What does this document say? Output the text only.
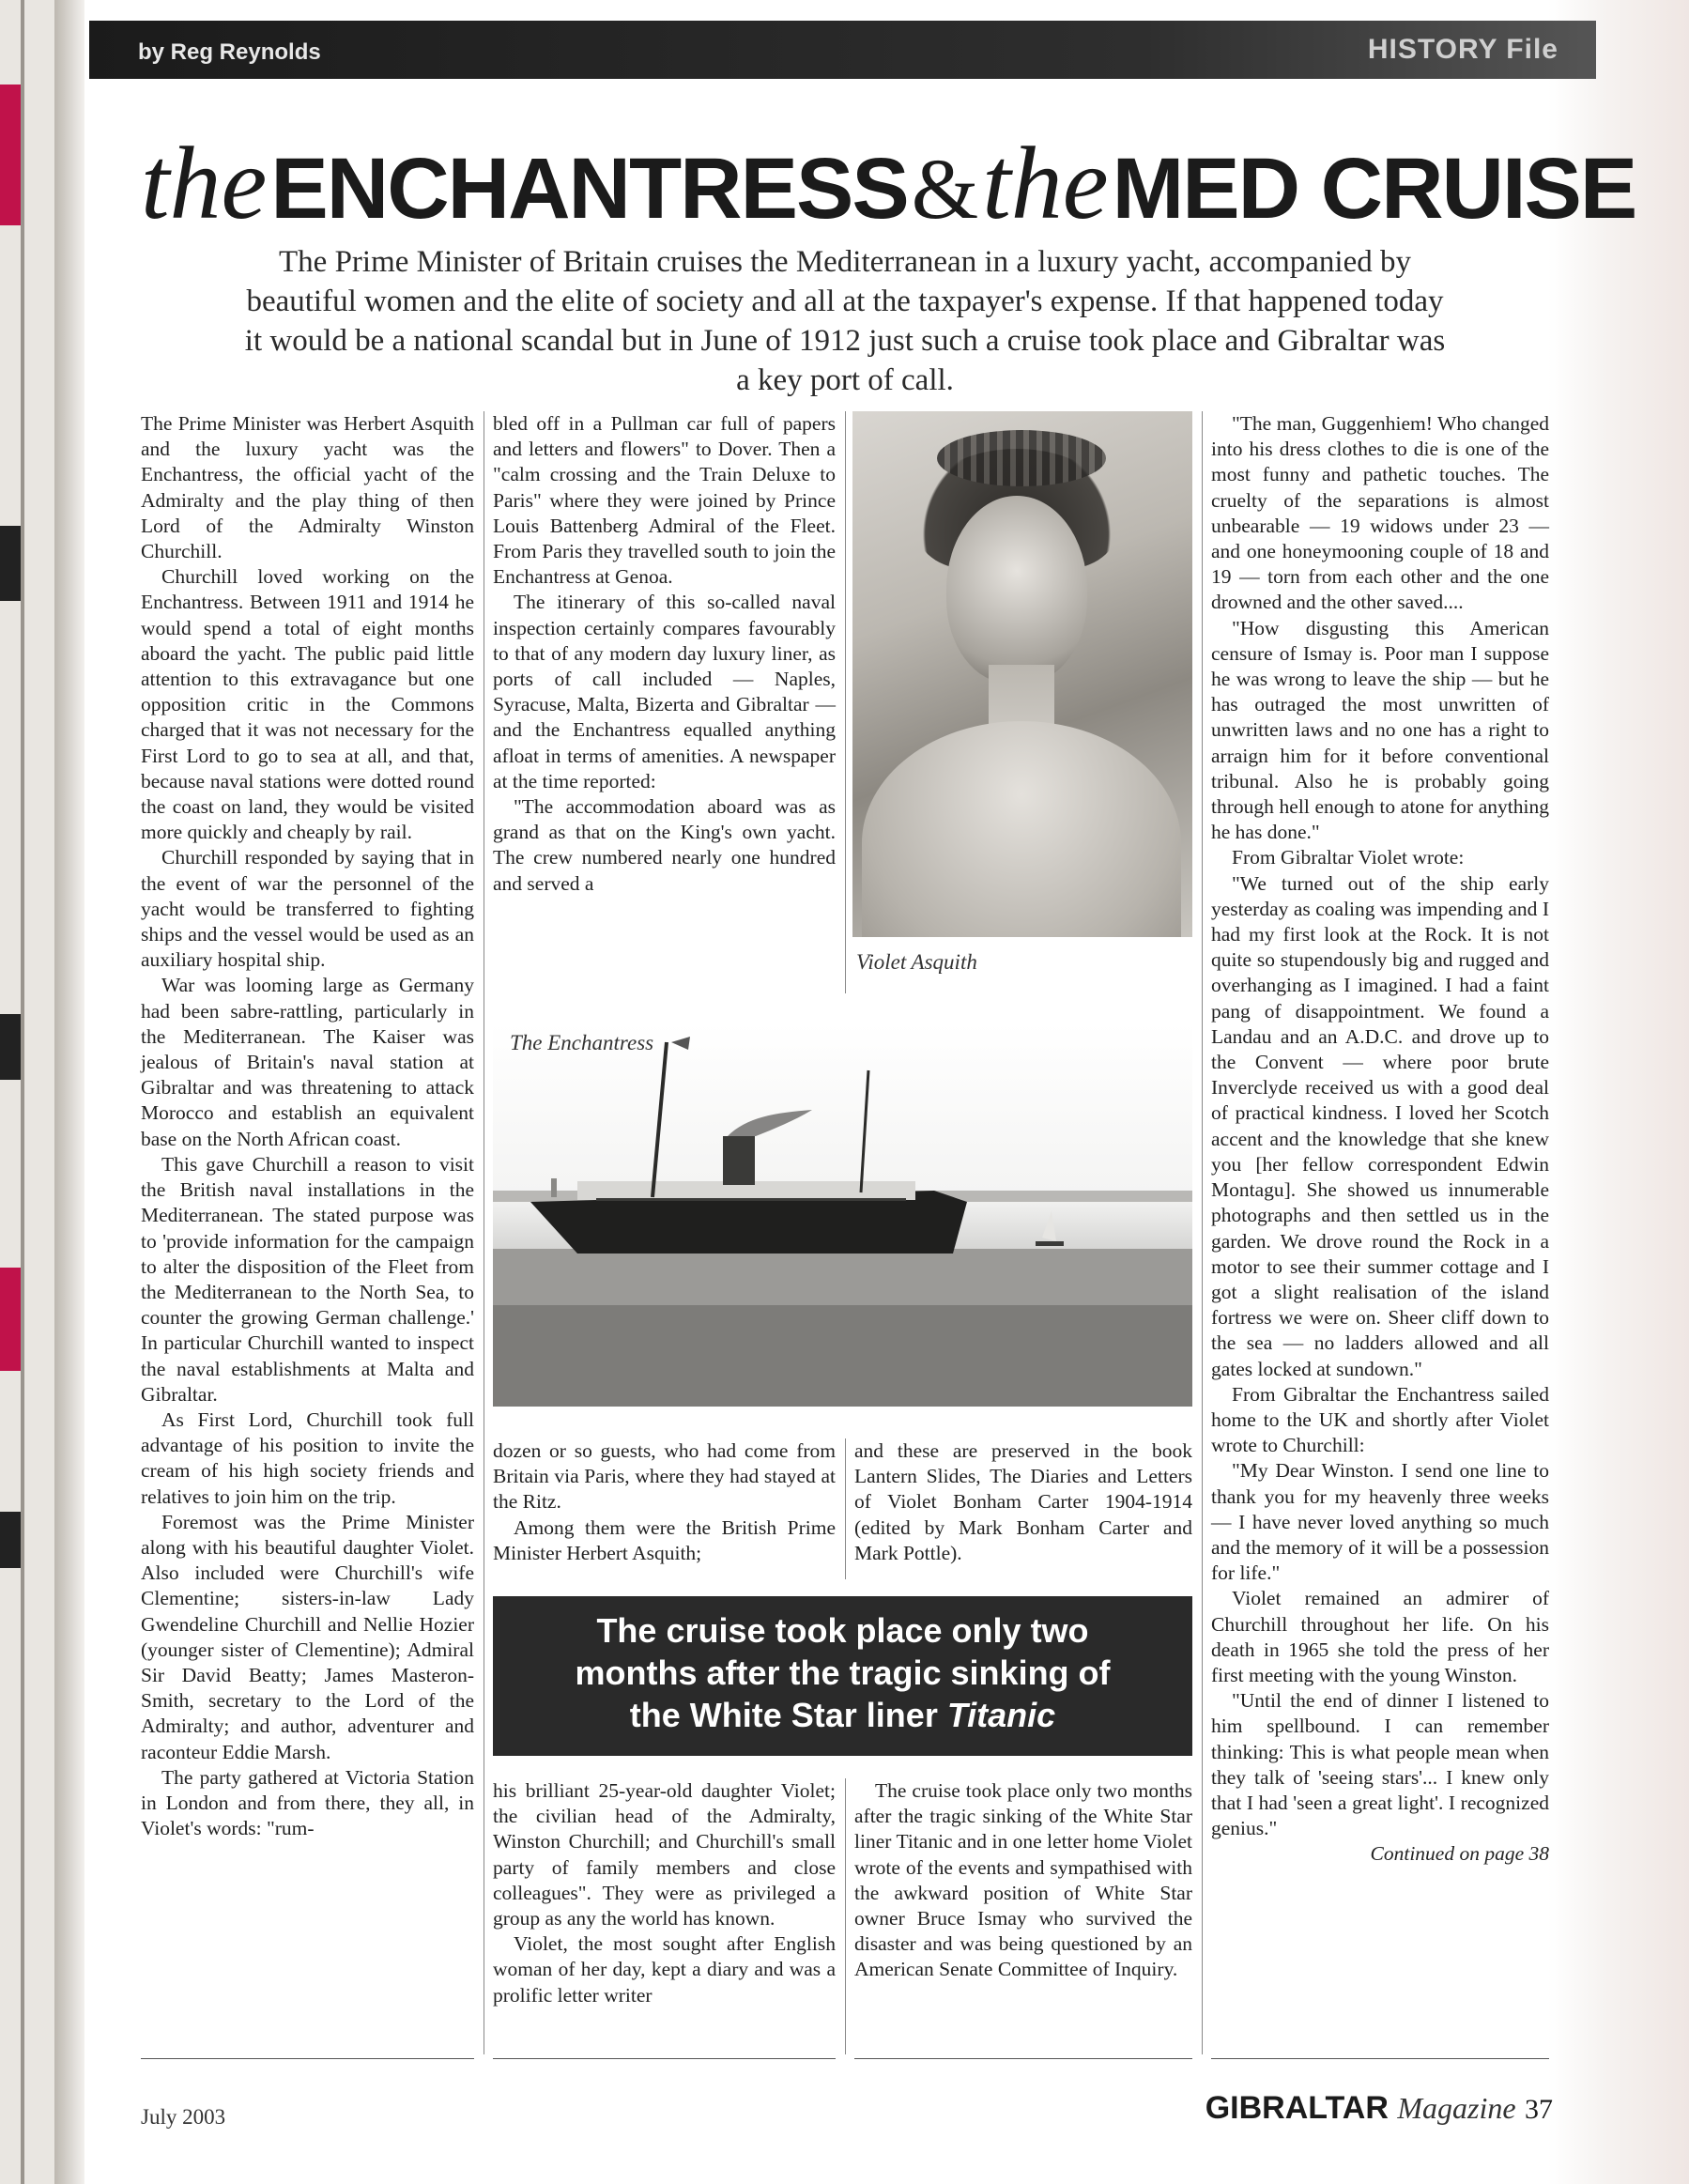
by Reg Reynolds	HISTORY File
the ENCHANTRESS & the MED CRUISE
The Prime Minister of Britain cruises the Mediterranean in a luxury yacht, accompanied by beautiful women and the elite of society and all at the taxpayer's expense. If that happened today it would be a national scandal but in June of 1912 just such a cruise took place and Gibraltar was a key port of call.

The Prime Minister was Herbert Asquith and the luxury yacht was the Enchantress, the official yacht of the Admiralty and the play thing of then Lord of the Admiralty Winston Churchill.

Churchill loved working on the Enchantress. Between 1911 and 1914 he would spend a total of eight months aboard the yacht. The public paid little attention to this extravagance but one opposition critic in the Commons charged that it was not necessary for the First Lord to go to sea at all, and that, because naval stations were dotted round the coast on land, they would be visited more quickly and cheaply by rail.

Churchill responded by saying that in the event of war the personnel of the yacht would be transferred to fighting ships and the vessel would be used as an auxiliary hospital ship.

War was looming large as Germany had been sabre-rattling, particularly in the Mediterranean. The Kaiser was jealous of Britain's naval station at Gibraltar and was threatening to attack Morocco and establish an equivalent base on the North African coast.

This gave Churchill a reason to visit the British naval installations in the Mediterranean. The stated purpose was to 'provide information for the campaign to alter the disposition of the Fleet from the Mediterranean to the North Sea, to counter the growing German challenge.' In particular Churchill wanted to inspect the naval establishments at Malta and Gibraltar.

As First Lord, Churchill took full advantage of his position to invite the cream of his high society friends and relatives to join him on the trip.

Foremost was the Prime Minister along with his beautiful daughter Violet. Also included were Churchill's wife Clementine; sisters-in-law Lady Gwendeline Churchill and Nellie Hozier (younger sister of Clementine); Admiral Sir David Beatty; James Masteron-Smith, secretary to the Lord of the Admiralty; and author, adventurer and raconteur Eddie Marsh.

The party gathered at Victoria Station in London and from there, they all, in Violet's words: "rum-

bled off in a Pullman car full of papers and letters and flowers" to Dover. Then a "calm crossing and the Train Deluxe to Paris" where they were joined by Prince Louis Battenberg Admiral of the Fleet. From Paris they travelled south to join the Enchantress at Genoa.

The itinerary of this so-called naval inspection certainly compares favourably to that of any modern day luxury liner, as ports of call included — Naples, Syracuse, Malta, Bizerta and Gibraltar — and the Enchantress equalled anything afloat in terms of amenities. A newspaper at the time reported:

"The accommodation aboard was as grand as that on the King's own yacht. The crew numbered nearly one hundred and served a

Violet Asquith
The Enchantress

dozen or so guests, who had come from Britain via Paris, where they had stayed at the Ritz.

Among them were the British Prime Minister Herbert Asquith;

and these are preserved in the book Lantern Slides, The Diaries and Letters of Violet Bonham Carter 1904-1914 (edited by Mark Bonham Carter and Mark Pottle).

The cruise took place only two
months after the tragic sinking of
the White Star liner Titanic

his brilliant 25-year-old daughter Violet; the civilian head of the Admiralty, Winston Churchill; and Churchill's small party of family members and close colleagues". They were as privileged a group as any the world has known.

Violet, the most sought after English woman of her day, kept a diary and was a prolific letter writer

The cruise took place only two months after the tragic sinking of the White Star liner Titanic and in one letter home Violet wrote of the events and sympathised with the awkward position of White Star owner Bruce Ismay who survived the disaster and was being questioned by an American Senate Committee of Inquiry.

"The man, Guggenhiem! Who changed into his dress clothes to die is one of the most funny and pathetic touches. The cruelty of the separations is almost unbearable — 19 widows under 23 — and one honeymooning couple of 18 and 19 — torn from each other and the one drowned and the other saved....

"How disgusting this American censure of Ismay is. Poor man I suppose he was wrong to leave the ship — but he has outraged the most unwritten of unwritten laws and no one has a right to arraign him for it before conventional tribunal. Also he is probably going through hell enough to atone for anything he has done."

From Gibraltar Violet wrote:

"We turned out of the ship early yesterday as coaling was impending and I had my first look at the Rock. It is not quite so stupendously big and rugged and overhanging as I imagined. I had a faint pang of disappointment. We found a Landau and an A.D.C. and drove up to the Convent — where poor brute Inverclyde received us with a good deal of practical kindness. I loved her Scotch accent and the knowledge that she knew you [her fellow correspondent Edwin Montagu]. She showed us innumerable photographs and then settled us in the garden. We drove round the Rock in a motor to see their summer cottage and I got a slight realisation of the island fortress we were on. Sheer cliff down to the sea — no ladders allowed and all gates locked at sundown."

From Gibraltar the Enchantress sailed home to the UK and shortly after Violet wrote to Churchill:

"My Dear Winston. I send one line to thank you for my heavenly three weeks — I have never loved anything so much and the memory of it will be a possession for life."

Violet remained an admirer of Churchill throughout her life. On his death in 1965 she told the press of her first meeting with the young Winston.

"Until the end of dinner I listened to him spellbound. I can remember thinking: This is what people mean when they talk of 'seeing stars'... I knew only that I had 'seen a great light'. I recognized genius."

Continued on page 38
July 2003	GIBRALTAR Magazine 37
